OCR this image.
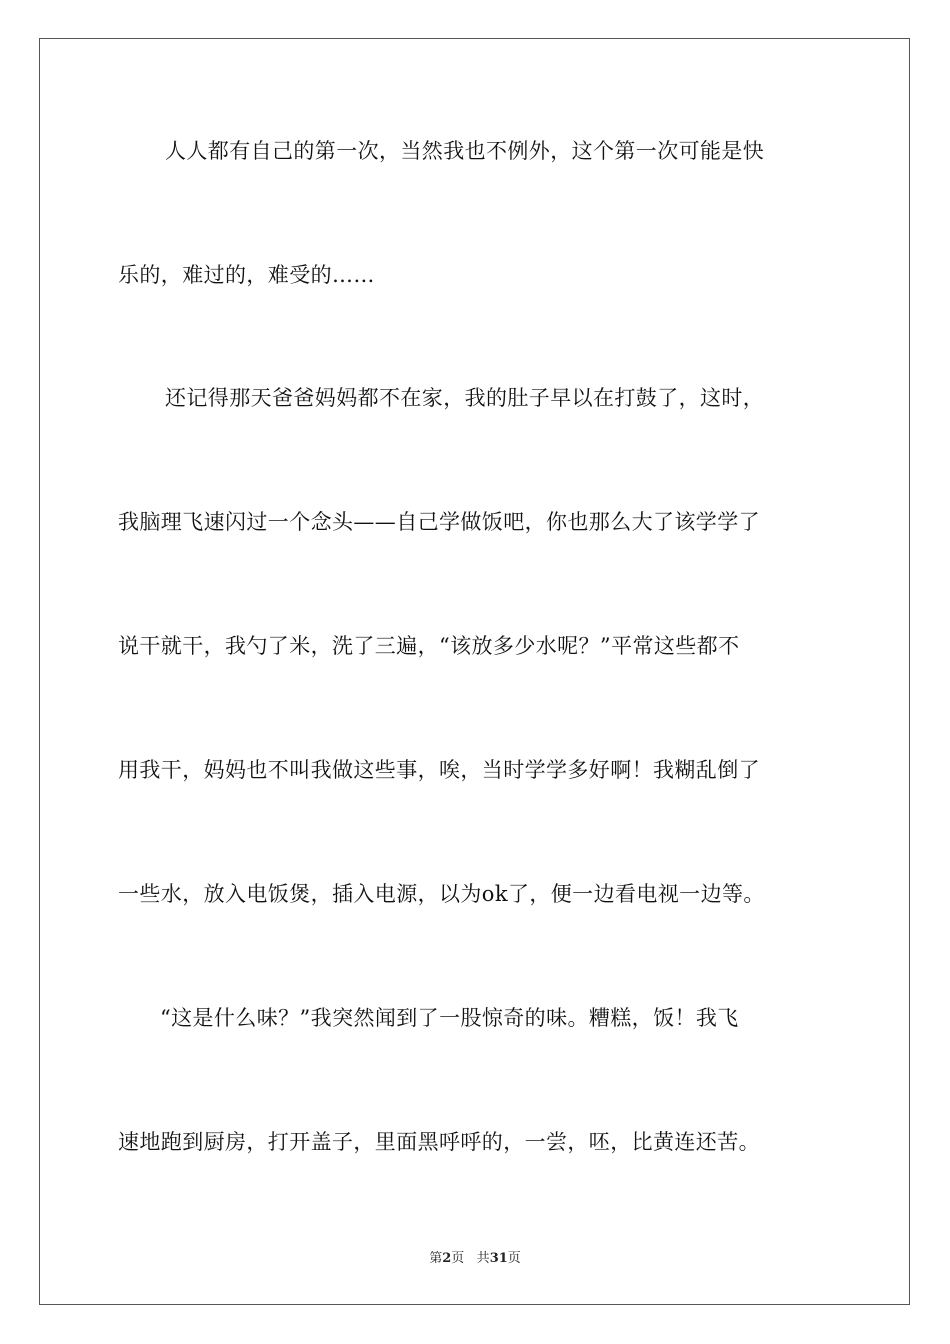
人人都有自己的第一次，当然我也不例外，这个第一次可能是快
乐的，难过的，难受的……
还记得那天爸爸妈妈都不在家，我的肚子早以在打鼓了，这时，
我脑理飞速闪过一个念头——自己学做饭吧，你也那么大了该学学了
说干就干，我勺了米，洗了三遍，“该放多少水呢？”平常这些都不
用我干，妈妈也不叫我做这些事，唉，当时学学多好啊！我糊乱倒了
一些水，放入电饭煲，插入电源，以为ok了，便一边看电视一边等。
“这是什么味？”我突然闻到了一股惊奇的味。糟糕，饭！我飞
速地跑到厨房，打开盖子，里面黑呼呼的，一尝，呸，比黄连还苦。
第2页 共31页
